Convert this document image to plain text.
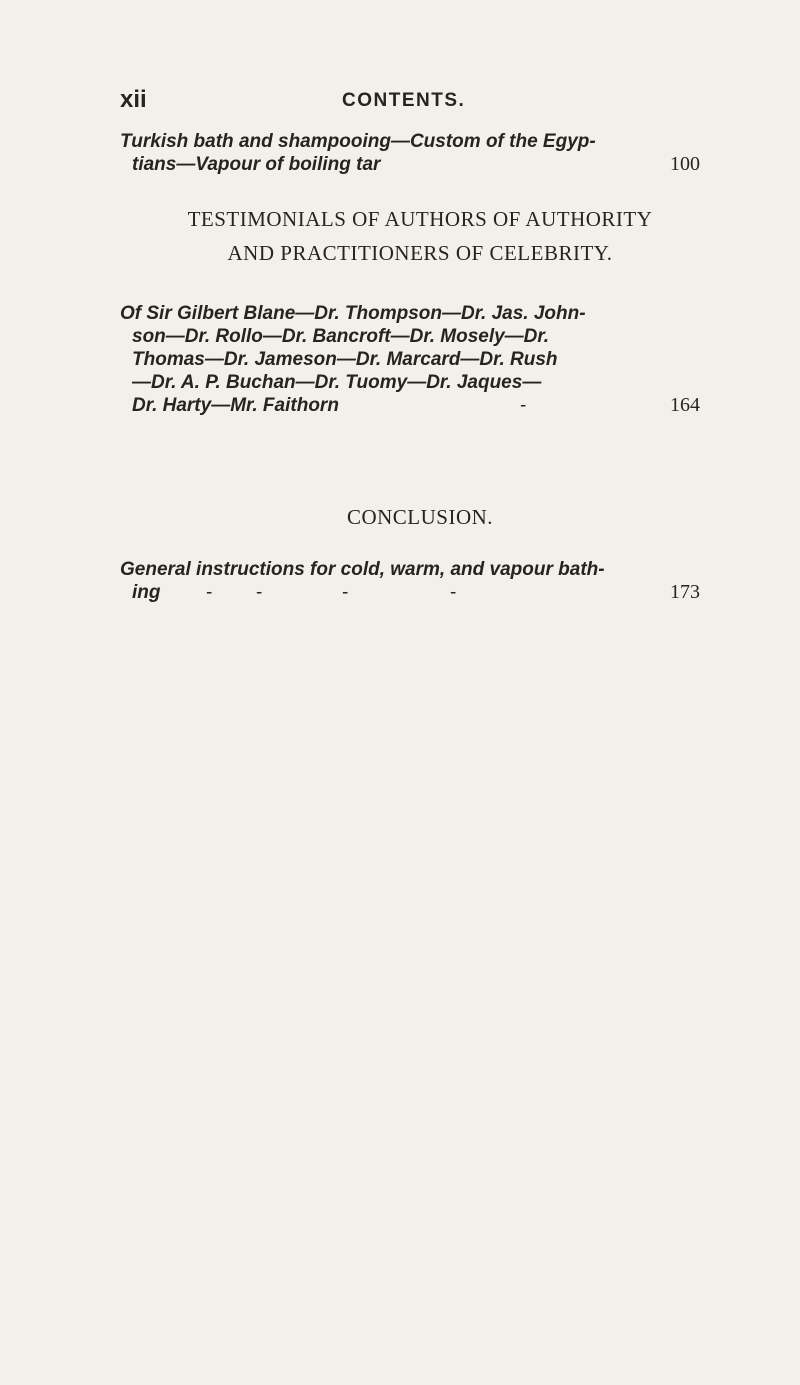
xii	CONTENTS.
Turkish bath and shampooing—Custom of the Egyp-
tians—Vapour of boiling tar	100
TESTIMONIALS OF AUTHORS OF AUTHORITY
AND PRACTITIONERS OF CELEBRITY.
Of Sir Gilbert Blane—Dr. Thompson—Dr. Jas. John-
son—Dr. Rollo—Dr. Bancroft—Dr. Mosely—Dr.
Thomas—Dr. Jameson—Dr. Marcard—Dr. Rush
—Dr. A. P. Buchan—Dr. Tuomy—Dr. Jaques—
Dr. Harty—Mr. Faithorn	-	164
CONCLUSION.
General instructions for cold, warm, and vapour bath-
ing - -	-	-	173
